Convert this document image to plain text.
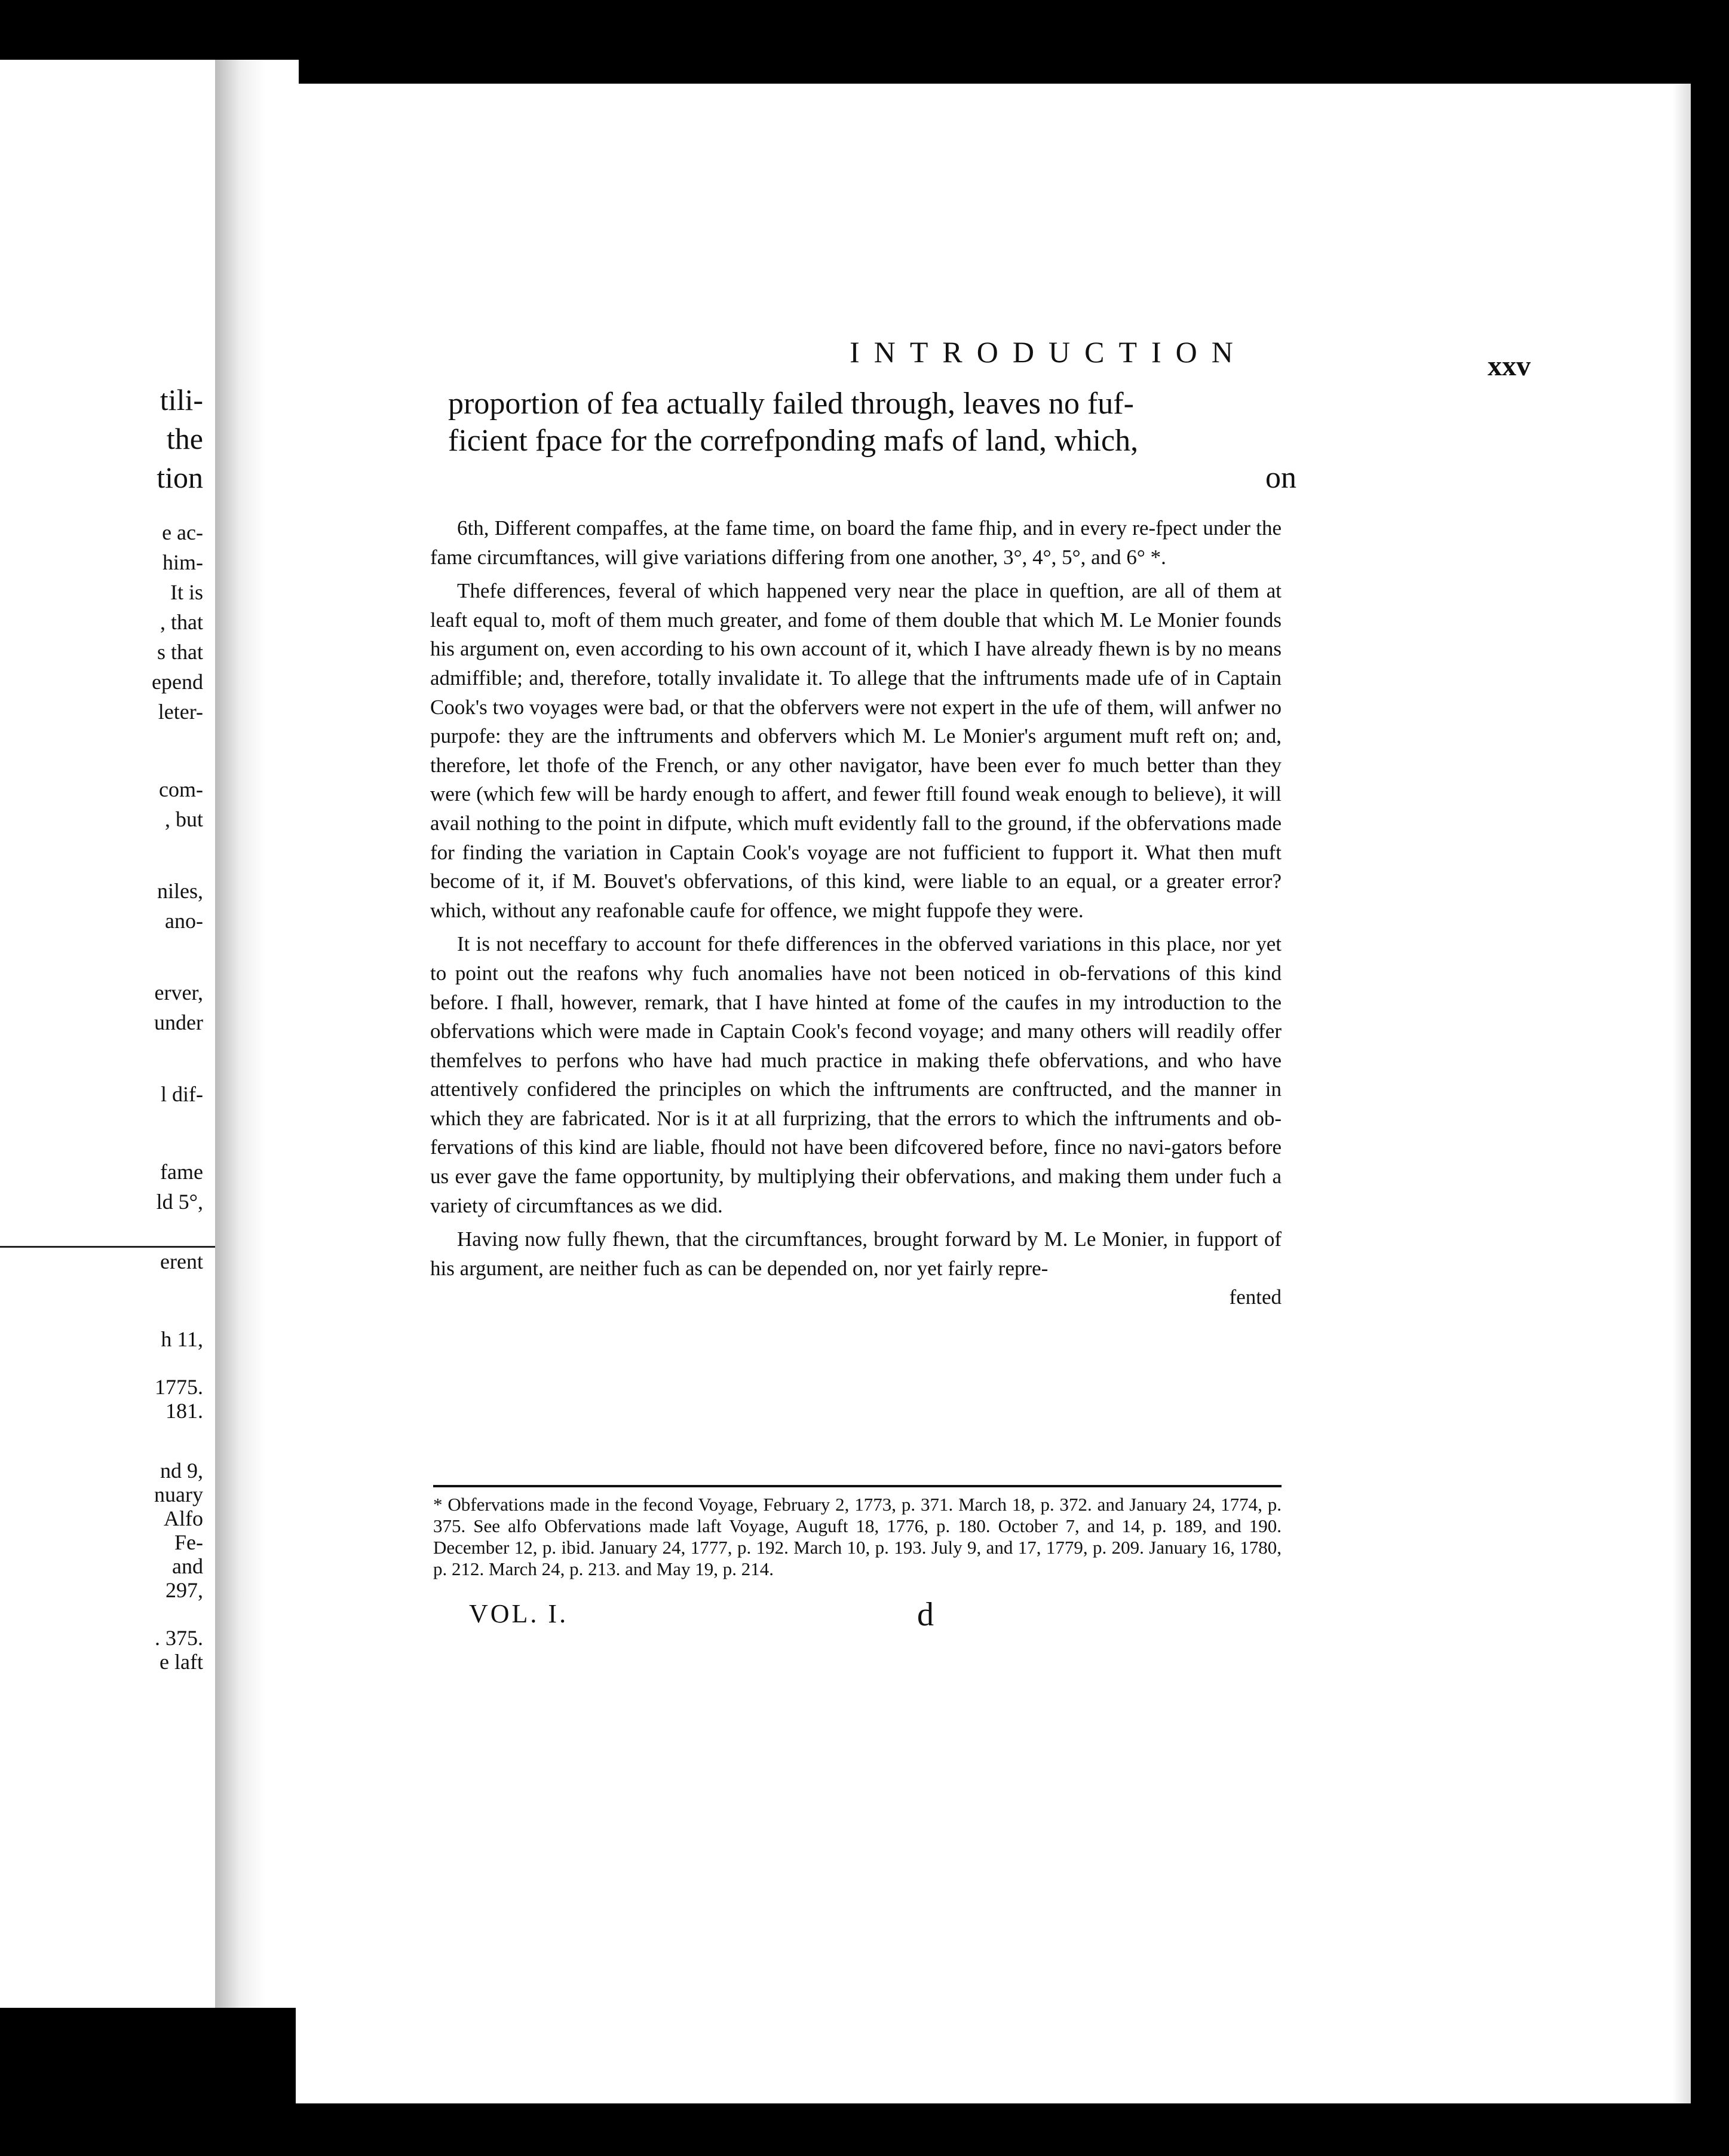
tili-
the
tion
e ac-
him-
It is
, that
s that
epend
leter-
com-
, but
niles,
ano-
erver,
under
l dif-
fame
ld 5°,
erent
h 11,
1775.
181.
nd 9,
nuary
Alfo
Fe-
and
297,
. 375.
e laft
INTRODUCTION	xxv
proportion of fea actually failed through, leaves no fuf-
ficient fpace for the correfponding mafs of land, which,
on

6th, Different compaffes, at the fame time, on board the fame fhip, and in every re-fpect under the fame circumftances, will give variations differing from one another, 3°, 4°, 5°, and 6° *.

Thefe differences, feveral of which happened very near the place in queftion, are all of them at leaft equal to, moft of them much greater, and fome of them double that which M. Le Monier founds his argument on, even according to his own account of it, which I have already fhewn is by no means admiffible; and, therefore, totally invalidate it. To allege that the inftruments made ufe of in Captain Cook's two voyages were bad, or that the obfervers were not expert in the ufe of them, will anfwer no purpofe: they are the inftruments and obfervers which M. Le Monier's argument muft reft on; and, therefore, let thofe of the French, or any other navigator, have been ever fo much better than they were (which few will be hardy enough to affert, and fewer ftill found weak enough to believe), it will avail nothing to the point in difpute, which muft evidently fall to the ground, if the obfervations made for finding the variation in Captain Cook's voyage are not fufficient to fupport it. What then muft become of it, if M. Bouvet's obfervations, of this kind, were liable to an equal, or a greater error? which, without any reafonable caufe for offence, we might fuppofe they were.

It is not neceffary to account for thefe differences in the obferved variations in this place, nor yet to point out the reafons why fuch anomalies have not been noticed in ob-fervations of this kind before. I fhall, however, remark, that I have hinted at fome of the caufes in my introduction to the obfervations which were made in Captain Cook's fecond voyage; and many others will readily offer themfelves to perfons who have had much practice in making thefe obfervations, and who have attentively confidered the principles on which the inftruments are conftructed, and the manner in which they are fabricated. Nor is it at all furprizing, that the errors to which the inftruments and ob-fervations of this kind are liable, fhould not have been difcovered before, fince no navi-gators before us ever gave the fame opportunity, by multiplying their obfervations, and making them under fuch a variety of circumftances as we did.

Having now fully fhewn, that the circumftances, brought forward by M. Le Monier, in fupport of his argument, are neither fuch as can be depended on, nor yet fairly repre-

fented
* Obfervations made in the fecond Voyage, February 2, 1773, p. 371. March 18, p. 372. and January 24, 1774, p. 375. See alfo Obfervations made laft Voyage, Auguft 18, 1776, p. 180. October 7, and 14, p. 189, and 190. December 12, p. ibid. January 24, 1777, p. 192. March 10, p. 193. July 9, and 17, 1779, p. 209. January 16, 1780, p. 212. March 24, p. 213. and May 19, p. 214.
VOL. I.	d
